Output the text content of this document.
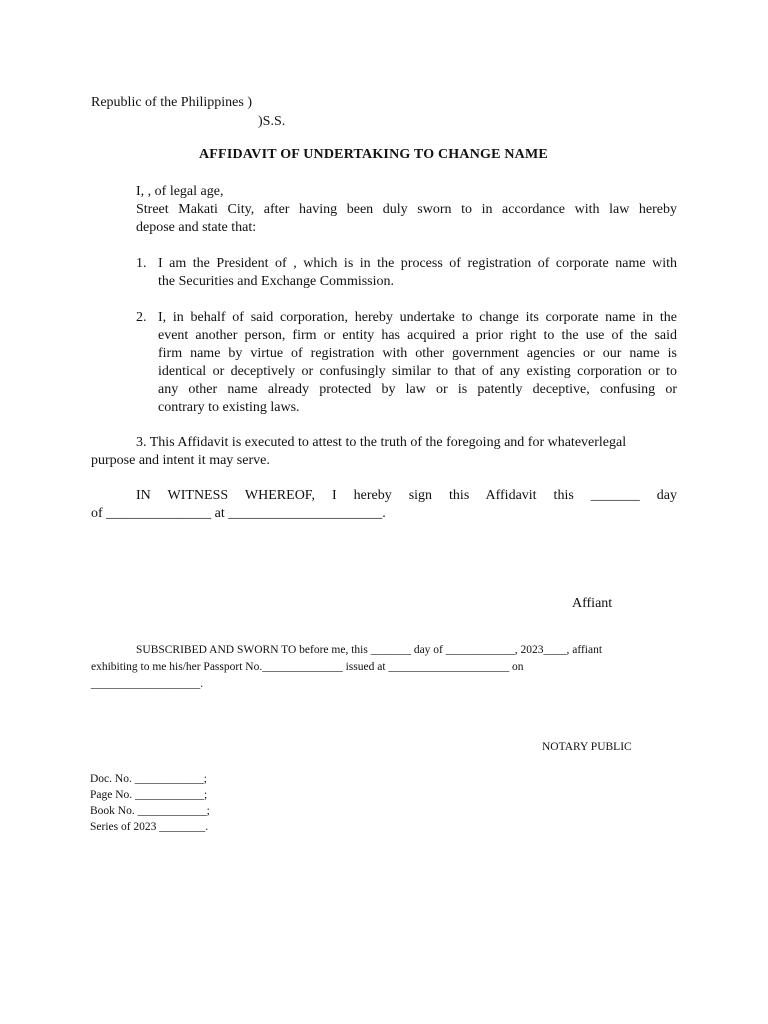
Republic of the Philippines )

)S.S.

AFFIDAVIT OF UNDERTAKING TO CHANGE NAME

I, , of legal age,

Street Makati City, after having been duly sworn to in accordance with law hereby

depose and state that:

1. I am the President of , which is in the process of registration of corporate name with

the Securities and Exchange Commission.

2. I, in behalf of said corporation, hereby undertake to change its corporate name in the

event another person, firm or entity has acquired a prior right to the use of the said

firm name by virtue of registration with other government agencies or our name is

identical or deceptively or confusingly similar to that of any existing corporation or to

any other name already protected by law or is patently deceptive, confusing or

contrary to existing laws.

3. This Affidavit is executed to attest to the truth of the foregoing and for whateverlegal

purpose and intent it may serve.

IN WITNESS WHEREOF, I hereby sign this Affidavit this _______ day

of _______________ at ______________________.

Affiant

SUBSCRIBED AND SWORN TO before me, this _______ day of ____________, 2023____, affiant

exhibiting to me his/her Passport No.______________ issued at _____________________ on

___________________.

NOTARY PUBLIC

Doc. No. ____________;

Page No. ____________;

Book No. ____________;

Series of 2023 ________.
